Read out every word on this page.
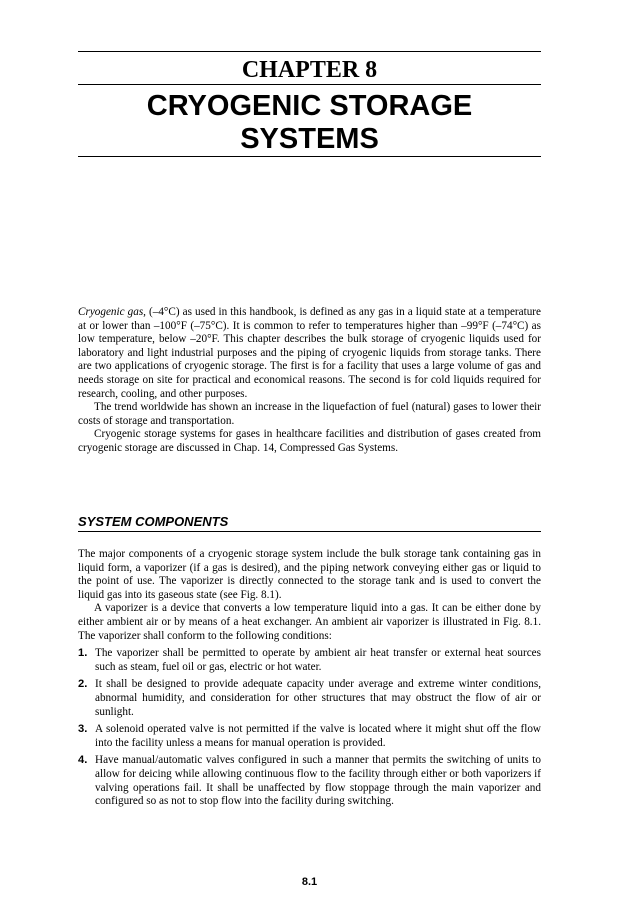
CHAPTER 8
CRYOGENIC STORAGE
SYSTEMS

Cryogenic gas, (–4°C) as used in this handbook, is defined as any gas in a liquid state at a temperature at or lower than –100°F (–75°C). It is common to refer to temperatures higher than –99°F (–74°C) as low temperature, below –20°F. This chapter describes the bulk storage of cryogenic liquids used for laboratory and light industrial purposes and the piping of cryogenic liquids from storage tanks. There are two applications of cryogenic storage. The first is for a facility that uses a large volume of gas and needs storage on site for practical and economical reasons. The second is for cold liquids required for research, cooling, and other purposes.

The trend worldwide has shown an increase in the liquefaction of fuel (natural) gases to lower their costs of storage and transportation.

Cryogenic storage systems for gases in healthcare facilities and distribution of gases created from cryogenic storage are discussed in Chap. 14, Compressed Gas Systems.

SYSTEM COMPONENTS

The major components of a cryogenic storage system include the bulk storage tank containing gas in liquid form, a vaporizer (if a gas is desired), and the piping network conveying either gas or liquid to the point of use. The vaporizer is directly connected to the storage tank and is used to convert the liquid gas into its gaseous state (see Fig. 8.1).

A vaporizer is a device that converts a low temperature liquid into a gas. It can be either done by either ambient air or by means of a heat exchanger. An ambient air vaporizer is illustrated in Fig. 8.1. The vaporizer shall conform to the following conditions:

1. The vaporizer shall be permitted to operate by ambient air heat transfer or external heat sources such as steam, fuel oil or gas, electric or hot water.
2. It shall be designed to provide adequate capacity under average and extreme winter conditions, abnormal humidity, and consideration for other structures that may obstruct the flow of air or sunlight.
3. A solenoid operated valve is not permitted if the valve is located where it might shut off the flow into the facility unless a means for manual operation is provided.
4. Have manual/automatic valves configured in such a manner that permits the switching of units to allow for deicing while allowing continuous flow to the facility through either or both vaporizers if valving operations fail. It shall be unaffected by flow stoppage through the main vaporizer and configured so as not to stop flow into the facility during switching.
8.1
